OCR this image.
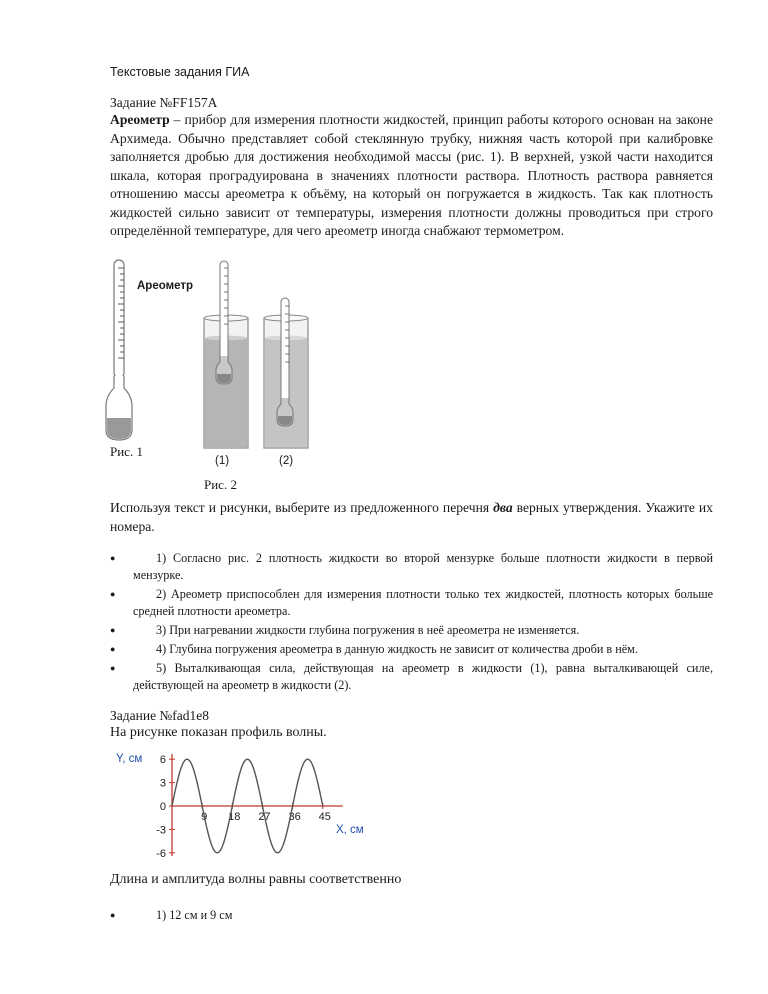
Текстовые задания ГИА
Задание №FF157A
Ареометр – прибор для измерения плотности жидкостей, принцип работы которого основан на законе Архимеда. Обычно представляет собой стеклянную трубку, нижняя часть которой при калибровке заполняется дробью для достижения необходимой массы (рис. 1). В верхней, узкой части находится шкала, которая проградуирована в значениях плотности раствора. Плотность раствора равняется отношению массы ареометра к объёму, на который он погружается в жидкость. Так как плотность жидкостей сильно зависит от температуры, измерения плотности должны проводиться при строго определённой температуре, для чего ареометр иногда снабжают термометром.
Рис. 1
Ареометр
(1)	(2)
Рис. 2
Используя текст и рисунки, выберите из предложенного перечня два верных утверждения. Укажите их номера.
●	1) Согласно рис. 2 плотность жидкости во второй мензурке больше плотности жидкости в первой мензурке.
●	2) Ареометр приспособлен для измерения плотности только тех жидкостей, плотность которых больше средней плотности ареометра.
●	3) При нагревании жидкости глубина погружения в неё ареометра не изменяется.
●	4) Глубина погружения ареометра в данную жидкость не зависит от количества дроби в нём.
●	5) Выталкивающая сила, действующая на ареометр в жидкости (1), равна выталкивающей силе, действующей на ареометр в жидкости (2).
Задание №fad1e8
На рисунке показан профиль волны.
Y, см
X, см
6
3
0
-3
-6
9 18 27 36 45
Длина и амплитуда волны равны соответственно
●	1) 12 см и 9 см
